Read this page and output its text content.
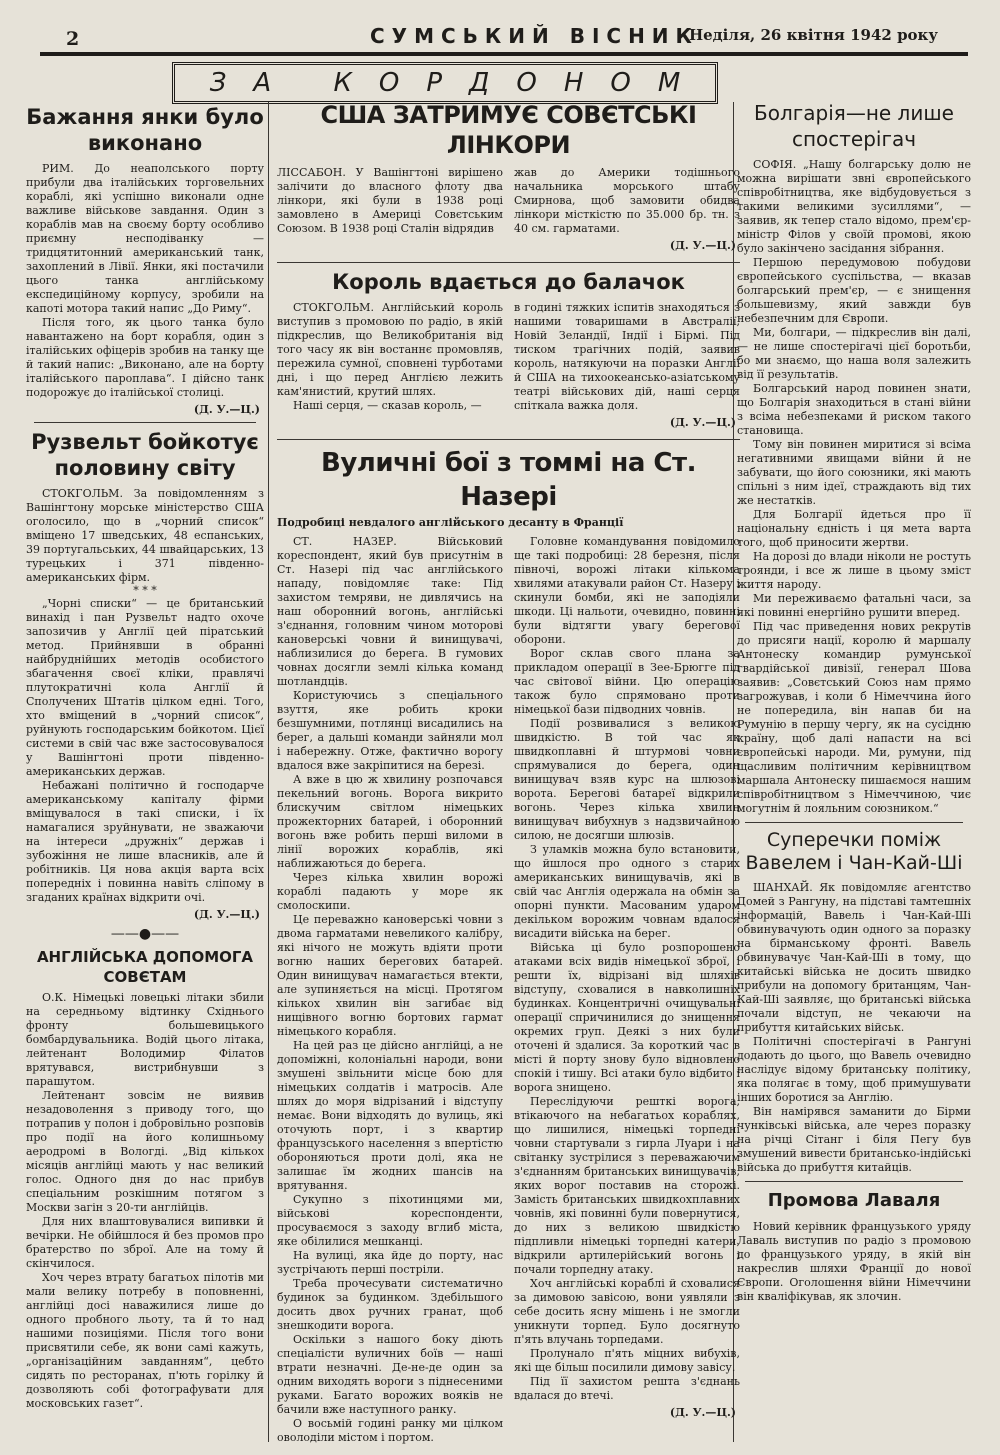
2	СУМСЬКИЙ ВІСНИК
Неділя, 26 квітня 1942 року
ЗА КОРДОНОМ
Бажання янки було виконано

РИМ. До неаполського порту прибули два італійських торговельних кораблі, які успішно виконали одне важливе військове завдання. Один з кораблів мав на своєму борту особливо приємну несподіванку — тридцятитонний американський танк, захоплений в Лівії. Янки, які постачили цього танка англійському експедиційному корпусу, зробили на капоті мотора такий напис „До Риму“.

Після того, як цього танка було навантажено на борт корабля, один з італійських офіцерів зробив на танку ще й такий напис: „Виконано, але на борту італійського пароплава“. І дійсно танк подорожує до італійської столиці.

(Д. У.—Ц.)
Рузвельт бойкотує половину світу

СТОКГОЛЬМ. За повідомленням з Вашінгтону морське міністерство США оголосило, що в „чорний список“ вміщено 17 шведських, 48 еспанських, 39 португальських, 44 швайцарських, 13 турецьких і 371 південно-американських фірм.

* * *

„Чорні списки“ — це британський винахід і пан Рузвельт надто охоче запозичив у Англії цей піратський метод. Прийнявши в обранні найбруднійших методів особистого збагачення своєї кліки, правлячі плутократичні кола Англії й Сполучених Штатів цілком едні. Того, хто вміщений в „чорний список“, руйнують господарським бойкотом. Цієї системи в свій час вже застосовувалося у Вашінгтоні проти південно-американських держав.

Небажані політично й господарче американському капіталу фірми вміщувалося в такі списки, і їх намагалися зруйнувати, не зважаючи на інтереси „дружніх“ держав і зубожіння не лише власників, але й робітників. Ця нова акція варта всіх попередніх і повинна навіть сліпому в згаданих країнах відкрити очі.

(Д. У.—Ц.)
——●——
АНГЛІЙСЬКА ДОПОМОГА СОВЄТАМ

О.К. Німецькі ловецькі літаки збили на середньому відтинку Східнього фронту большевицького бомбардувальника. Водій цього літака, лейтенант Володимир Філатов врятувався, вистрибнувши з парашутом.

Лейтенант зовсім не виявив незадоволення з приводу того, що потрапив у полон і добровільно розповів про події на його колишньому аеродромі в Вологді. „Від кількох місяців англійці мають у нас великий голос. Одного дня до нас прибув спеціальним розкішним потягом з Москви загін з 20-ти англійців.

Для них влаштовувалися випивки й вечірки. Не обійшлося й без промов про братерство по зброї. Але на тому й скінчилося.

Хоч через втрату багатьох пілотів ми мали велику потребу в поповненні, англійці досі наважилися лише до одного пробного льоту, та й то над нашими позиціями. Після того вони присвятили себе, як вони самі кажуть, „організаційним завданням“, цебто сидять по ресторанах, п'ють горілку й дозволяють собі фотографувати для московських газет“.

США ЗАТРИМУЄ СОВЄТСЬКІ ЛІНКОРИ

ЛІССАБОН. У Вашінгтоні вирішено залічити до власного флоту два лінкори, які були в 1938 році замовлено в Америці Совєтським Союзом. В 1938 році Сталін відрядив

жав до Америки тодішнього начальника морського штабу Смирнова, щоб замовити обидва лінкори місткістю по 35.000 бр. тн. з 40 см. гарматами.

(Д. У.—Ц.)
Король вдається до балачок

СТОКГОЛЬМ. Англійський король виступив з промовою по радіо, в якій підкреслив, що Великобританія від того часу як він востаннє промовляв, пережила сумної, сповнені турботами дні, і що перед Англією лежить кам'янистий, крутий шлях.

Наші серця, — сказав король, —

в годині тяжких іспитів знаходяться з нашими товаришами в Австралії, Новій Зеландії, Індії і Бірмі. Під тиском трагічних подій, заявив король, натякуючи на поразки Англії й США на тихоокеансько-азіатському театрі військових дій, наші серця спіткала важка доля.

(Д. У.—Ц.)
Вуличні бої з томмі на Ст. Назері
Подробиці невдалого англійського десанту в Франції

СТ. НАЗЕР. Військовий кореспондент, який був присутнім в Ст. Назері під час англійського нападу, повідомляє таке: Під захистом темряви, не дивлячись на наш оборонний вогонь, англійські з'єднання, головним чином моторові кановерські човни й винищувачі, наблизилися до берега. В гумових човнах досягли землі кілька команд шотландців.

Користуючись з спеціального взуття, яке робить кроки безшумними, потлянці висадились на берег, а дальші команди зайняли мол і набережну. Отже, фактично ворогу вдалося вже закріпитися на березі.

А вже в цю ж хвилину розпочався пекельний вогонь. Ворога викрито блискучим світлом німецьких прожекторних батарей, і оборонний вогонь вже робить перші виломи в лінії ворожих кораблів, які наближаються до берега.

Через кілька хвилин ворожі кораблі падають у море як смолоскипи.

Це переважно кановерські човни з двома гарматами невеликого калібру, які нічого не можуть вдіяти проти вогню наших берегових батарей. Один винищувач намагається втекти, але зупиняється на місці. Протягом кількох хвилин він загибає від нищівного вогню бортових гармат німецького корабля.

На цей раз це дійсно англійці, а не допоміжні, колоніальні народи, вони змушені звільнити місце бою для німецьких солдатів і матросів. Але шлях до моря відрізаний і відступу немає. Вони відходять до вулиць, які оточують порт, і з квартир французського населення з впертістю обороняються проти долі, яка не залишає їм жодних шансів на врятування.

Сукупно з піхотинцями ми, військові кореспонденти, просуваємося з заходу вглиб міста, яке обілилися мешканці.

На вулиці, яка йде до порту, нас зустрічають перші постріли.

Треба прочесувати систематично будинок за будинком. Здебільшого досить двох ручних гранат, щоб знешкодити ворога.

Оскільки з нашого боку діють спеціалісти вуличних боїв — наші втрати незначні. Де-не-де один за одним виходять вороги з піднесеними руками. Багато ворожих вояків не бачили вже наступного ранку.

О восьмій годині ранку ми цілком оволоділи містом і портом.

Головне командування повідомило ще такі подробиці: 28 березня, після півночі, ворожі літаки кількома хвилями атакували район Ст. Назеру і скинули бомби, які не заподіяли шкоди. Ці нальоти, очевидно, повинні були відтягти увагу берегової оборони.

Ворог склав свого плана за прикладом операції в Зее-Брюгге під час світової війни. Цю операцію також було спрямовано проти німецької бази підводних човнів.

Події розвивалися з великою швидкістю. В той час як швидкоплавні й штурмові човни спрямувалися до берега, один винищувач взяв курс на шлюзові ворота. Берегові батареї відкрили вогонь. Через кілька хвилин винищувач вибухнув з надзвичайною силою, не досягши шлюзів.

З уламків можна було встановити, що йшлося про одного з старих американських винищувачів, які в свій час Англія одержала на обмін за опорні пункти. Масованим ударом декільком ворожим човнам вдалося висадити військa на берег.

Війська ці було розпорошено атаками всіх видів німецької зброї, і решти їх, відрізані від шляхів відступу, сховалися в навколишніх будинках. Концентричні очищувальні операції спричинилися до знищення окремих груп. Деякі з них були оточені й здалися. За короткий час в місті й порту знову було відновлено спокій і тишу. Всі атаки було відбито і ворога знищено.

Переслідуючи решткі ворога, втікаючого на небагатьох кораблях, що лишилися, німецькі торпедні човни стартували з гирла Луари і на світанку зустрілися з переважаючим з'єднанням британських винищувачів, яких ворог поставив на сторожі. Замість британських швидкохплавних човнів, які повинні були повернутися, до них з великою швидкістю підпливли німецькі торпедні катери, відкрили артилерійський вогонь і почали торпедну атаку.

Хоч англійські кораблі й сховалися за димовою завісою, вони уявляли з себе досить ясну мішень і не змогли уникнути торпед. Було досягнуто п'ять влучань торпедами.

Пролунало п'ять міцних вибухів, які ще більш посилили димову завісу.

Під її захистом решта з'єднань вдалася до втечі.

(Д. У.—Ц.)
Болгарія—не лише спостерігач

СОФІЯ. „Нашу болгарську долю не можна вирішати звні європейського співробітництва, яке відбудовується з такими великими зусиллями“, — заявив, як тепер стало відомо, прем'єр-міністр Філов у своїй промові, якою було закінчено засідання зібрання.

Першою передумовою побудови європейського суспільства, — вказав болгарський прем'єр, — є знищення большевизму, який завжди був небезпечним для Європи.

Ми, болгари, — підкреслив він далі, — не лише спостерігачі цієї боротьби, бо ми знаємо, що наша воля залежить від її результатів.

Болгарський народ повинен знати, що Болгарія знаходиться в стані війни з всіма небезпеками й риском такого становища.

Тому він повинен миритися зі всіма негативними явищами війни й не забувати, що його союзники, які мають спільні з ним ідеї, страждають від тих же нестатків.

Для Болгарії йдеться про її національну єдність і ця мета варта того, щоб приносити жертви.

На дорозі до влади ніколи не ростуть троянди, і все ж лише в цьому зміст життя народу.

Ми переживаємо фатальні часи, за які повинні енергійно рушити вперед.

Під час приведення нових рекрутів до присяги нації, королю й маршалу Антонеску командир румунської гвардійської дивізії, генерал Шова заявив: „Совєтський Союз нам прямо загрожував, і коли б Німеччина його не попередила, він напав би на Румунію в першу чергу, як на сусідню країну, щоб далі напасти на всі європейські народи. Ми, румуни, під щасливим політичним керівництвом маршала Антонеску пишаємося нашим співробітництвом з Німеччиною, чиє могутнім й лояльним союзником.“

Суперечки поміж Вавелем і Чан-Кай-Ші

ШАНХАЙ. Як повідомляє агентство Домей з Рангуну, на підставі тамтешніх інформацій, Вавель і Чан-Кай-Ші обвинувачують один одного за поразку на бірманському фронті. Вавель обвинувачує Чан-Кай-Ші в тому, що китайські війська не досить швидко прибули на допомогу британцям, Чан-Кай-Ші заявляє, що британські війська почали відступ, не чекаючи на прибуття китайських військ.

Політичні спостерігачі в Рангуні додають до цього, що Вавель очевидно наслідує відому британську політику, яка полягає в тому, щоб примушувати інших боротися за Англію.

Він намірявся заманити до Бірми чунківські війська, але через поразку на річці Сітанг і біля Пегу був змушений вивести британсько-індійські війська до прибуття китайців.

Промова Лаваля

Новий керівник французького уряду Лаваль виступив по радіо з промовою до французького уряду, в якій він накреслив шляхи Франції до нової Європи. Оголошення війни Німеччини він кваліфікував, як злочин.
